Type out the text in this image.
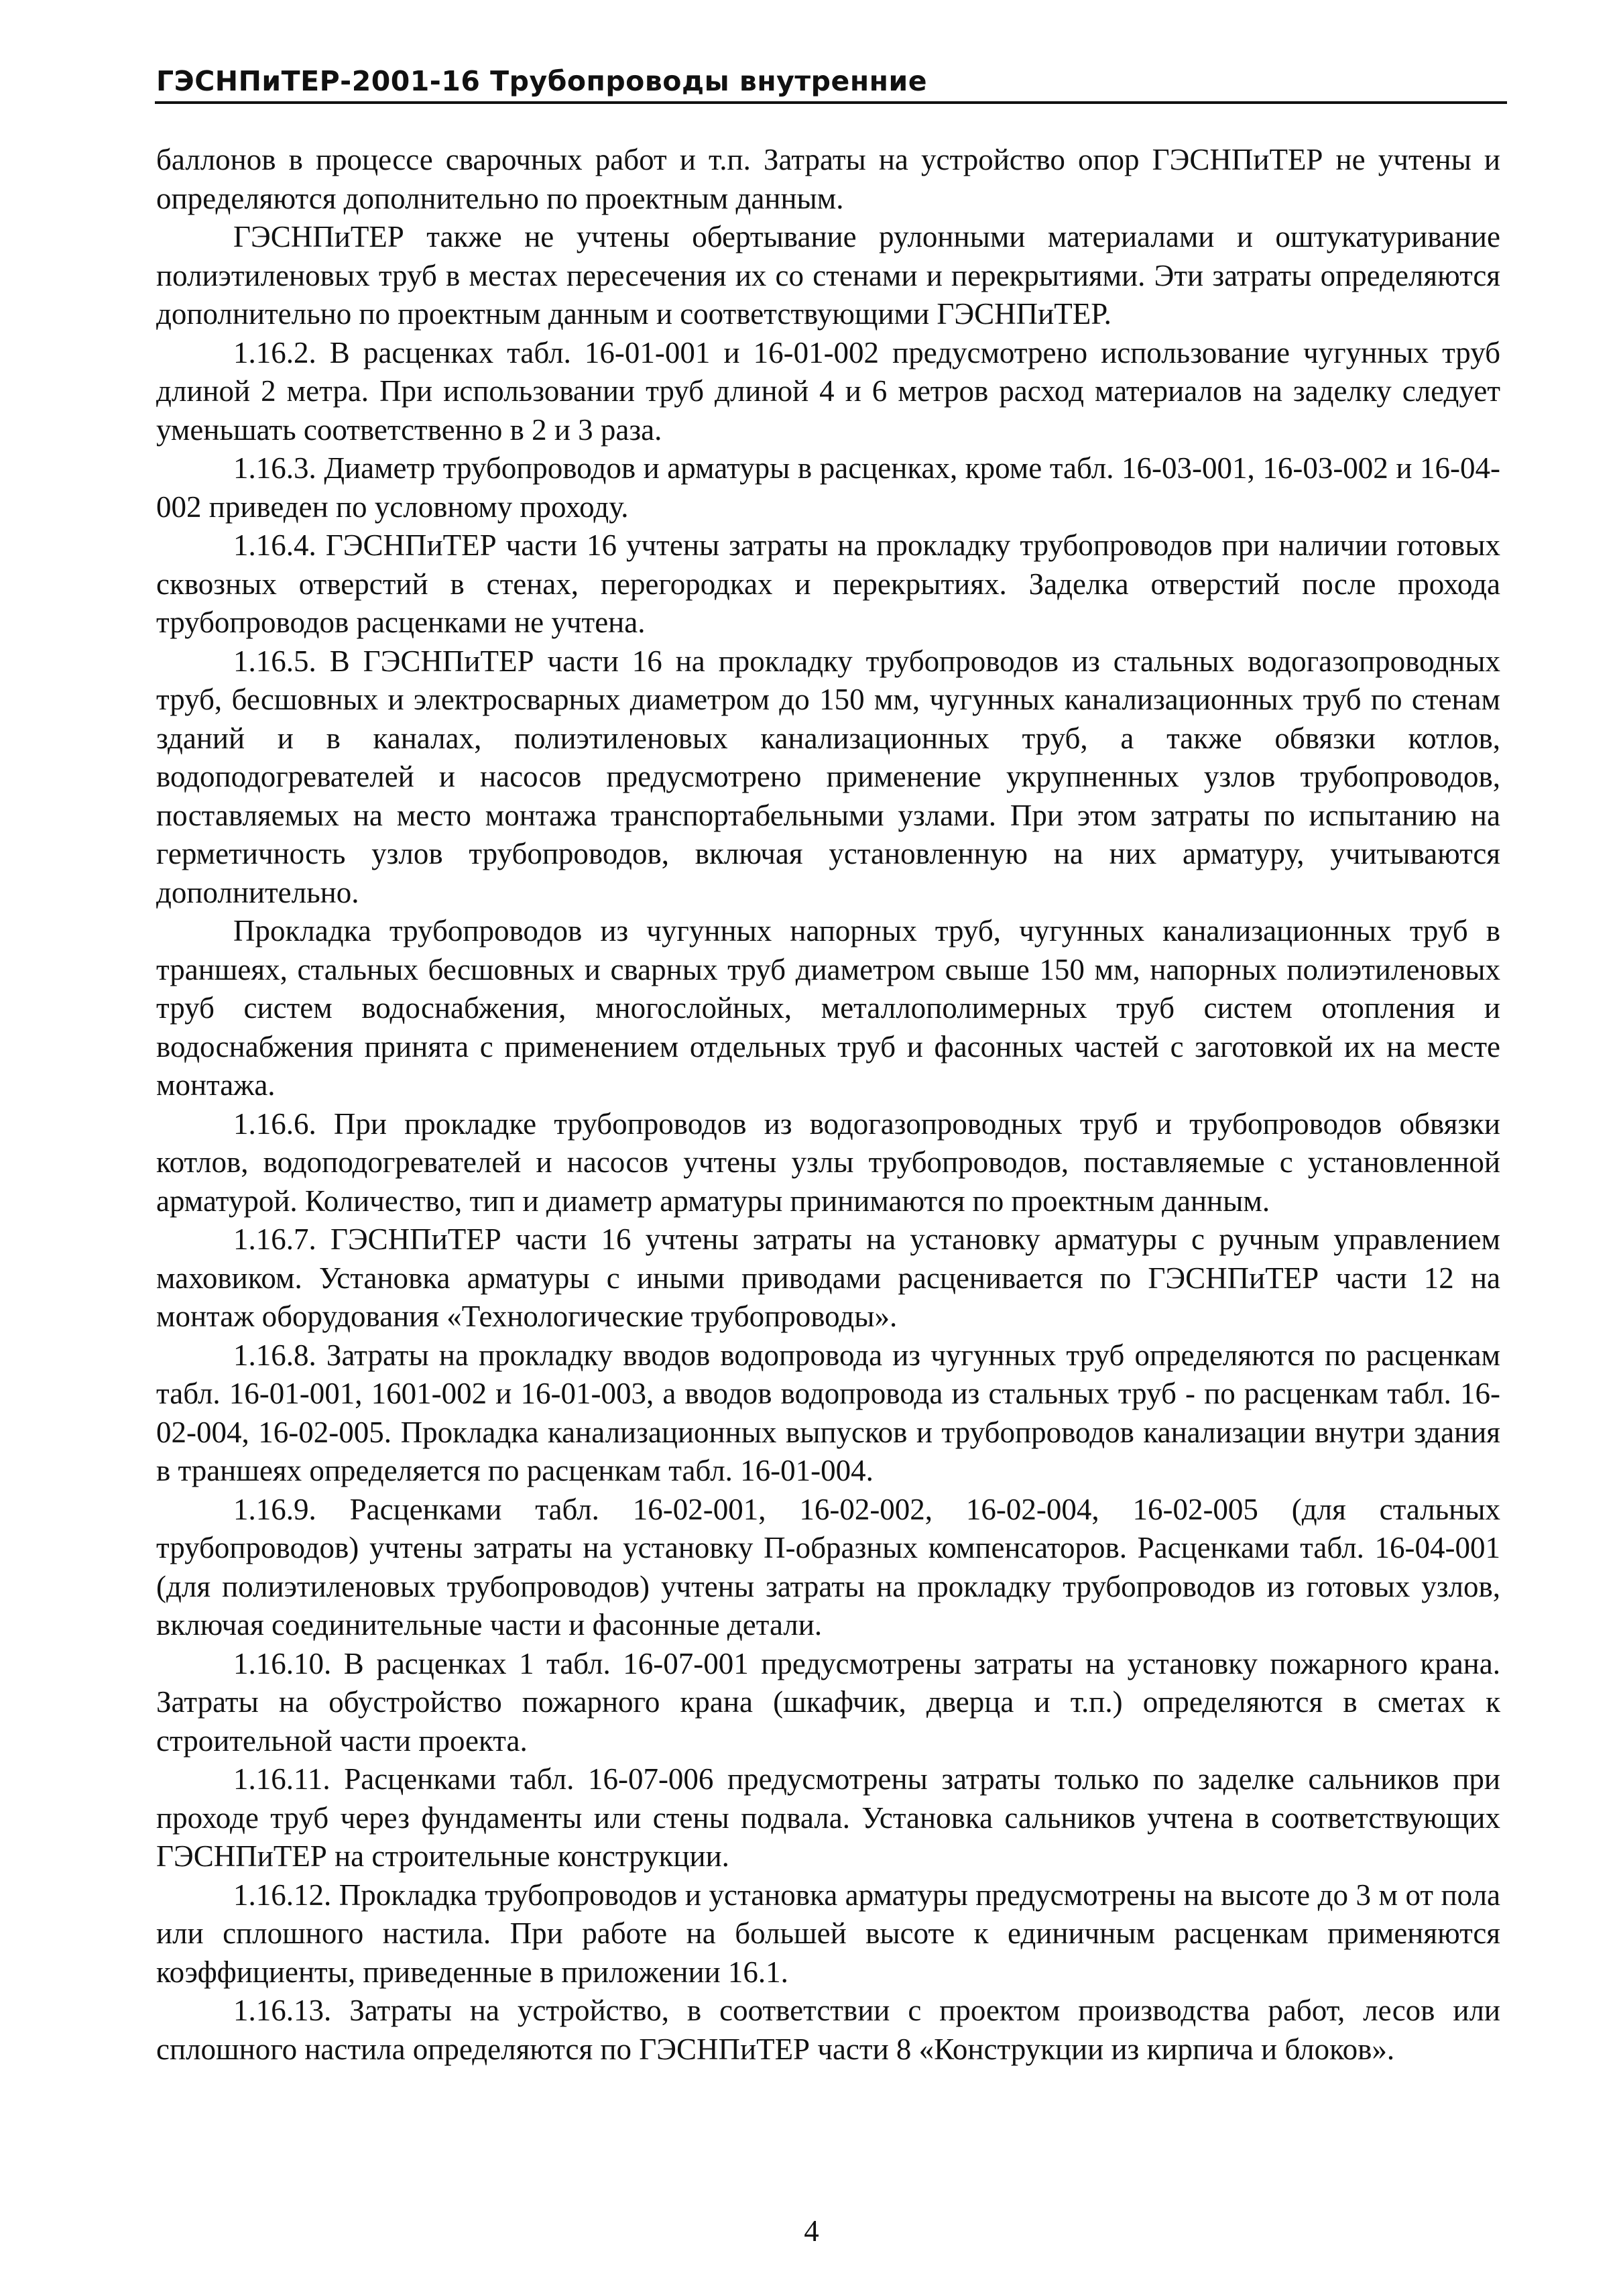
ГЭСНПиТЕР-2001-16 Трубопроводы внутренние

баллонов в процессе сварочных работ и т.п. Затраты на устройство опор ГЭСНПиТЕР не учтены и определяются дополнительно по проектным данным.

ГЭСНПиТЕР также не учтены обертывание рулонными материалами и оштукатуривание полиэтиленовых труб в местах пересечения их со стенами и перекрытиями. Эти затраты определяются дополнительно по проектным данным и соответствующими ГЭСНПиТЕР.

1.16.2. В расценках табл. 16-01-001 и 16-01-002 предусмотрено использование чугунных труб длиной 2 метра. При использовании труб длиной 4 и 6 метров расход материалов на заделку следует уменьшать соответственно в 2 и 3 раза.

1.16.3. Диаметр трубопроводов и арматуры в расценках, кроме табл. 16-03-001, 16-03-002 и 16-04-002 приведен по условному проходу.

1.16.4. ГЭСНПиТЕР части 16 учтены затраты на прокладку трубопроводов при наличии готовых сквозных отверстий в стенах, перегородках и перекрытиях. Заделка отверстий после прохода трубопроводов расценками не учтена.

1.16.5. В ГЭСНПиТЕР части 16 на прокладку трубопроводов из стальных водогазопроводных труб, бесшовных и электросварных диаметром до 150 мм, чугунных канализационных труб по стенам зданий и в каналах, полиэтиленовых канализационных труб, а также обвязки котлов, водоподогревателей и насосов предусмотрено применение укрупненных узлов трубопроводов, поставляемых на место монтажа транспортабельными узлами. При этом затраты по испытанию на герметичность узлов трубопроводов, включая установленную на них арматуру, учитываются дополнительно.

Прокладка трубопроводов из чугунных напорных труб, чугунных канализационных труб в траншеях, стальных бесшовных и сварных труб диаметром свыше 150 мм, напорных полиэтиленовых труб систем водоснабжения, многослойных, металлополимерных труб систем отопления и водоснабжения принята с применением отдельных труб и фасонных частей с заготовкой их на месте монтажа.

1.16.6. При прокладке трубопроводов из водогазопроводных труб и трубопроводов обвязки котлов, водоподогревателей и насосов учтены узлы трубопроводов, поставляемые с установленной арматурой. Количество, тип и диаметр арматуры принимаются по проектным данным.

1.16.7. ГЭСНПиТЕР части 16 учтены затраты на установку арматуры с ручным управлением маховиком. Установка арматуры с иными приводами расценивается по ГЭСНПиТЕР части 12 на монтаж оборудования «Технологические трубопроводы».

1.16.8. Затраты на прокладку вводов водопровода из чугунных труб определяются по расценкам табл. 16-01-001, 1601-002 и 16-01-003, а вводов водопровода из стальных труб - по расценкам табл. 16-02-004, 16-02-005. Прокладка канализационных выпусков и трубопроводов канализации внутри здания в траншеях определяется по расценкам табл. 16-01-004.

1.16.9. Расценками табл. 16-02-001, 16-02-002, 16-02-004, 16-02-005 (для стальных трубопроводов) учтены затраты на установку П-образных компенсаторов. Расценками табл. 16-04-001 (для полиэтиленовых трубопроводов) учтены затраты на прокладку трубопроводов из готовых узлов, включая соединительные части и фасонные детали.

1.16.10. В расценках 1 табл. 16-07-001 предусмотрены затраты на установку пожарного крана. Затраты на обустройство пожарного крана (шкафчик, дверца и т.п.) определяются в сметах к строительной части проекта.

1.16.11. Расценками табл. 16-07-006 предусмотрены затраты только по заделке сальников при проходе труб через фундаменты или стены подвала. Установка сальников учтена в соответствующих ГЭСНПиТЕР на строительные конструкции.

1.16.12. Прокладка трубопроводов и установка арматуры предусмотрены на высоте до 3 м от пола или сплошного настила. При работе на большей высоте к единичным расценкам применяются коэффициенты, приведенные в приложении 16.1.

1.16.13. Затраты на устройство, в соответствии с проектом производства работ, лесов или сплошного настила определяются по ГЭСНПиТЕР части 8 «Конструкции из кирпича и блоков».

4
